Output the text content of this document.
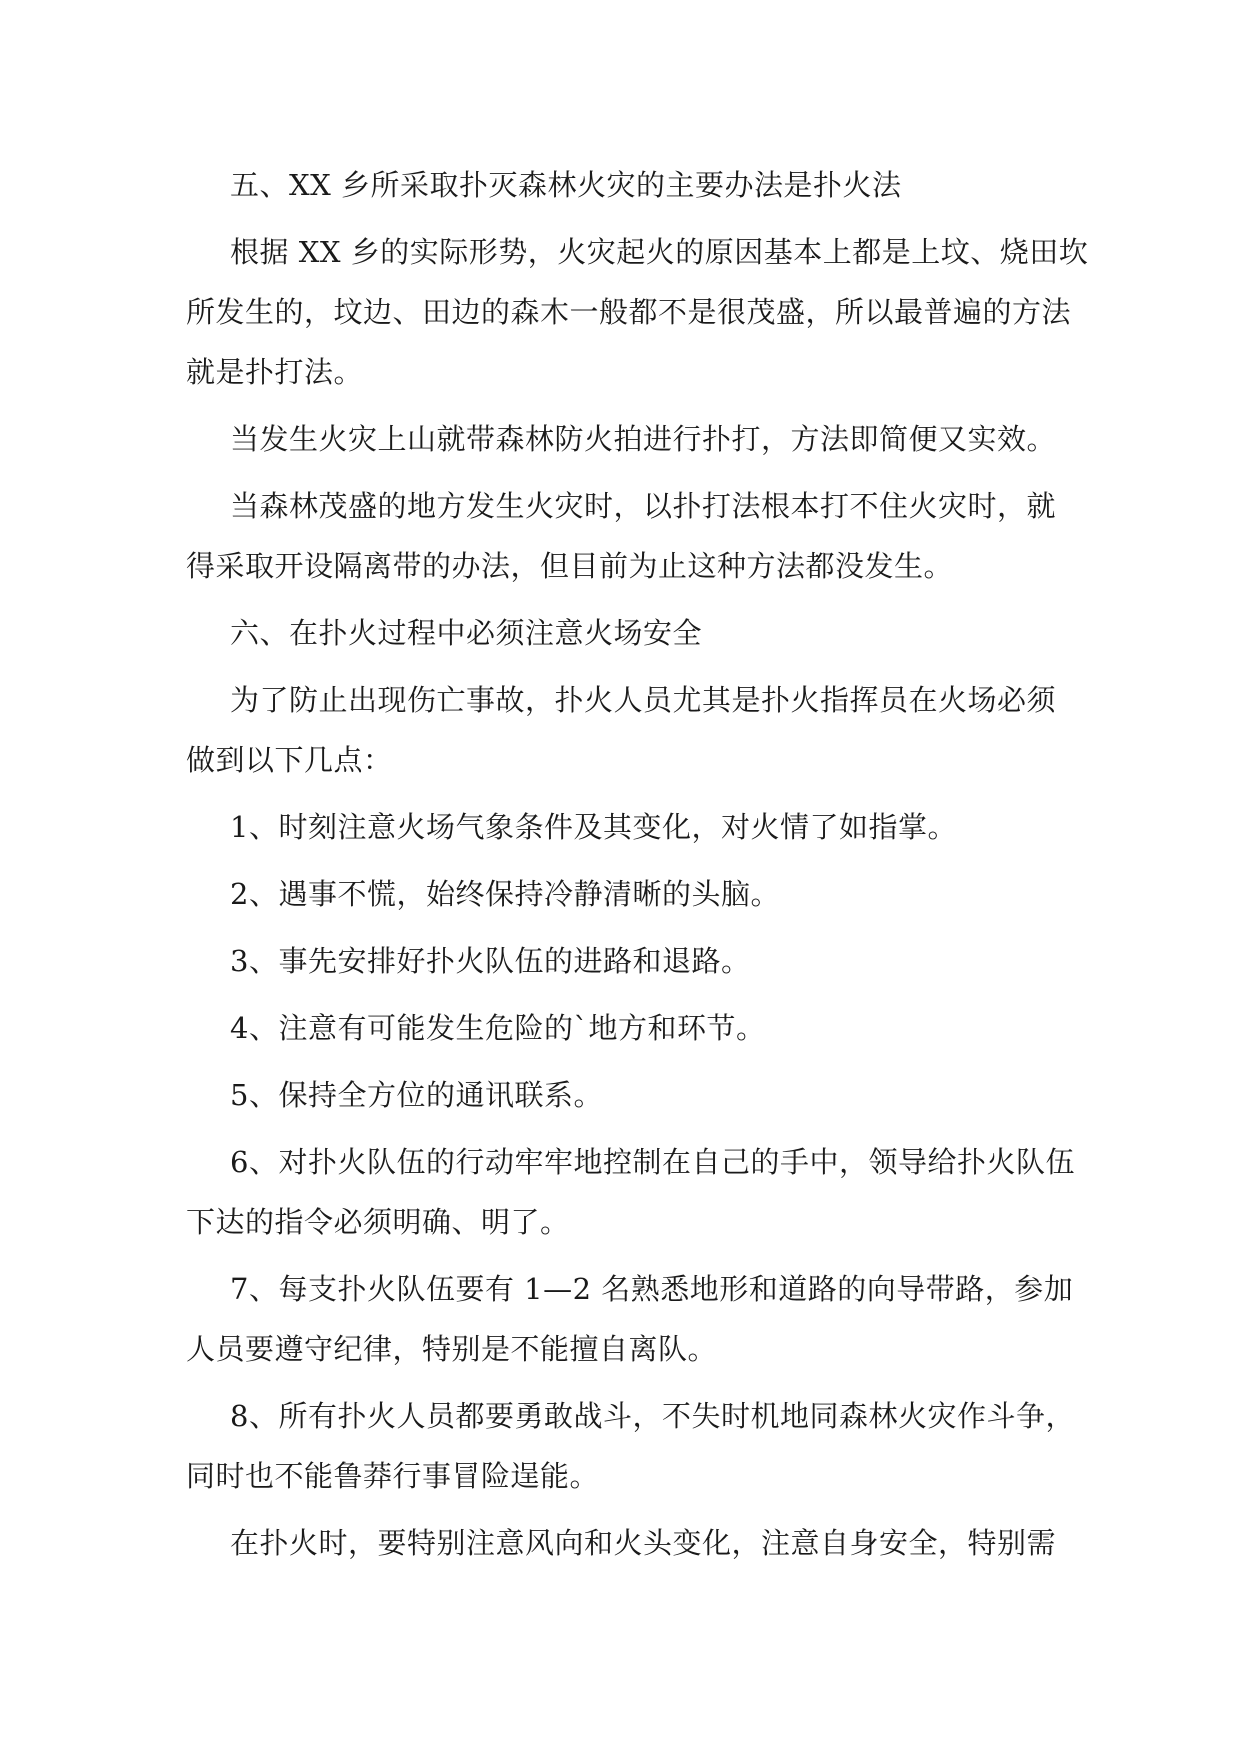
五、XX 乡所采取扑灭森林火灾的主要办法是扑火法
根据 XX 乡的实际形势，火灾起火的原因基本上都是上坟、烧田坎
所发生的，坟边、田边的森木一般都不是很茂盛，所以最普遍的方法
就是扑打法。
当发生火灾上山就带森林防火拍进行扑打，方法即简便又实效。
当森林茂盛的地方发生火灾时，以扑打法根本打不住火灾时，就
得采取开设隔离带的办法，但目前为止这种方法都没发生。
六、在扑火过程中必须注意火场安全
为了防止出现伤亡事故，扑火人员尤其是扑火指挥员在火场必须
做到以下几点：
1、时刻注意火场气象条件及其变化，对火情了如指掌。
2、遇事不慌，始终保持冷静清晰的头脑。
3、事先安排好扑火队伍的进路和退路。
4、注意有可能发生危险的`地方和环节。
5、保持全方位的通讯联系。
6、对扑火队伍的行动牢牢地控制在自己的手中，领导给扑火队伍
下达的指令必须明确、明了。
7、每支扑火队伍要有 1—2 名熟悉地形和道路的向导带路，参加
人员要遵守纪律，特别是不能擅自离队。
8、所有扑火人员都要勇敢战斗，不失时机地同森林火灾作斗争，
同时也不能鲁莽行事冒险逞能。
在扑火时，要特别注意风向和火头变化，注意自身安全，特别需
